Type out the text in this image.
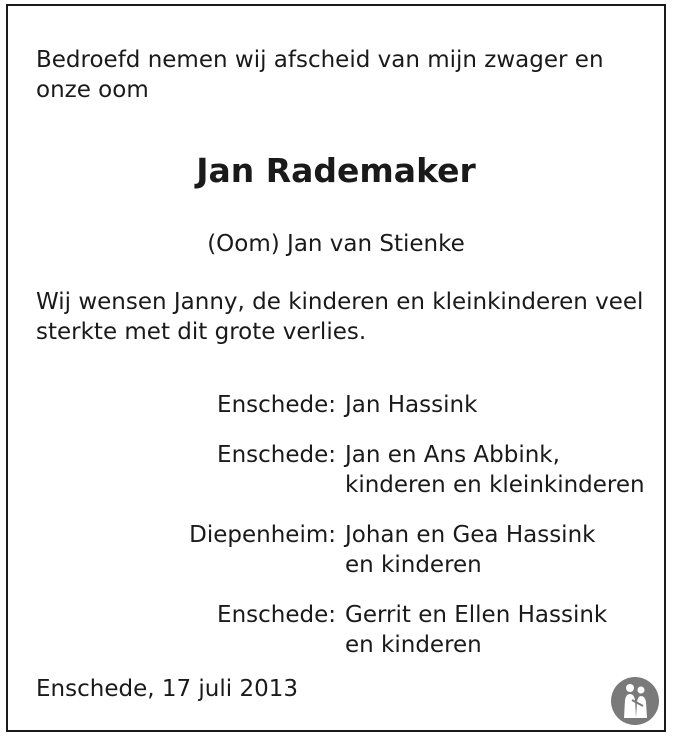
Bedroefd nemen wij afscheid van mijn zwager en
onze oom
Jan Rademaker
(Oom) Jan van Stienke
Wij wensen Janny, de kinderen en kleinkinderen veel
sterkte met dit grote verlies.
Enschede: Jan Hassink
Enschede: Jan en Ans Abbink,
kinderen en kleinkinderen
Diepenheim: Johan en Gea Hassink
en kinderen
Enschede: Gerrit en Ellen Hassink
en kinderen
Enschede, 17 juli 2013
